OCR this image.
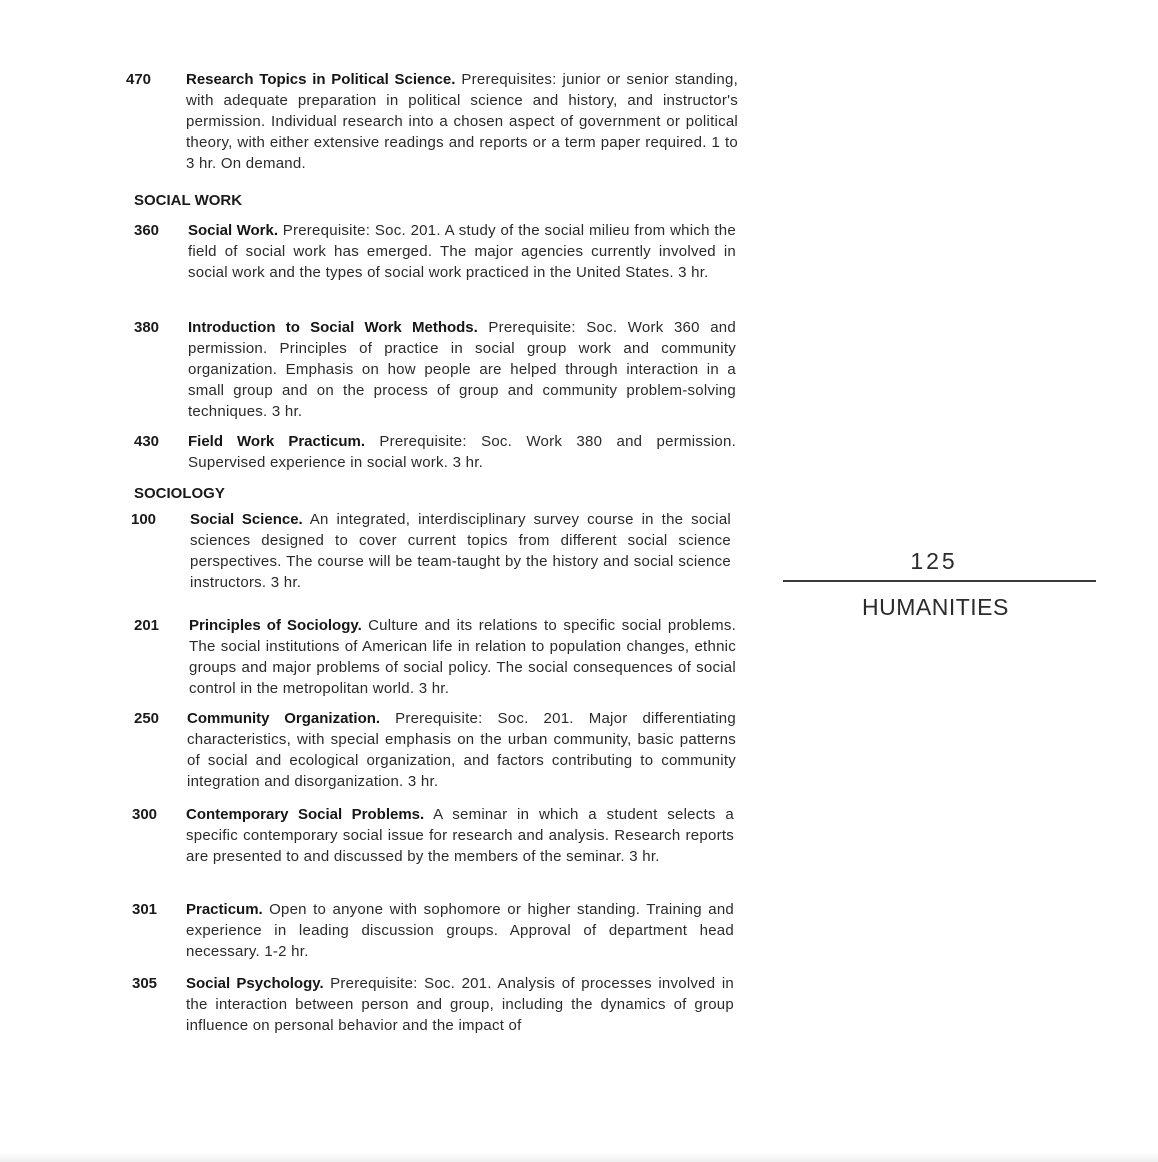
470 Research Topics in Political Science. Prerequisites: junior or senior standing, with adequate preparation in political science and history, and instructor's permission. Individual research into a chosen aspect of government or political theory, with either extensive readings and reports or a term paper required. 1 to 3 hr. On demand.
SOCIAL WORK
360 Social Work. Prerequisite: Soc. 201. A study of the social milieu from which the field of social work has emerged. The major agencies currently involved in social work and the types of social work practiced in the United States. 3 hr.
380 Introduction to Social Work Methods. Prerequisite: Soc. Work 360 and permission. Principles of practice in social group work and community organization. Emphasis on how people are helped through interaction in a small group and on the process of group and community problem-solving techniques. 3 hr.
430 Field Work Practicum. Prerequisite: Soc. Work 380 and permission. Supervised experience in social work. 3 hr.
SOCIOLOGY
100 Social Science. An integrated, interdisciplinary survey course in the social sciences designed to cover current topics from different social science perspectives. The course will be team-taught by the history and social science instructors. 3 hr.
201 Principles of Sociology. Culture and its relations to specific social problems. The social institutions of American life in relation to population changes, ethnic groups and major problems of social policy. The social consequences of social control in the metropolitan world. 3 hr.
250 Community Organization. Prerequisite: Soc. 201. Major differentiating characteristics, with special emphasis on the urban community, basic patterns of social and ecological organization, and factors contributing to community integration and disorganization. 3 hr.
300 Contemporary Social Problems. A seminar in which a student selects a specific contemporary social issue for research and analysis. Research reports are presented to and discussed by the members of the seminar. 3 hr.
301 Practicum. Open to anyone with sophomore or higher standing. Training and experience in leading discussion groups. Approval of department head necessary. 1-2 hr.
305 Social Psychology. Prerequisite: Soc. 201. Analysis of processes involved in the interaction between person and group, including the dynamics of group influence on personal behavior and the impact of
125
HUMANITIES
